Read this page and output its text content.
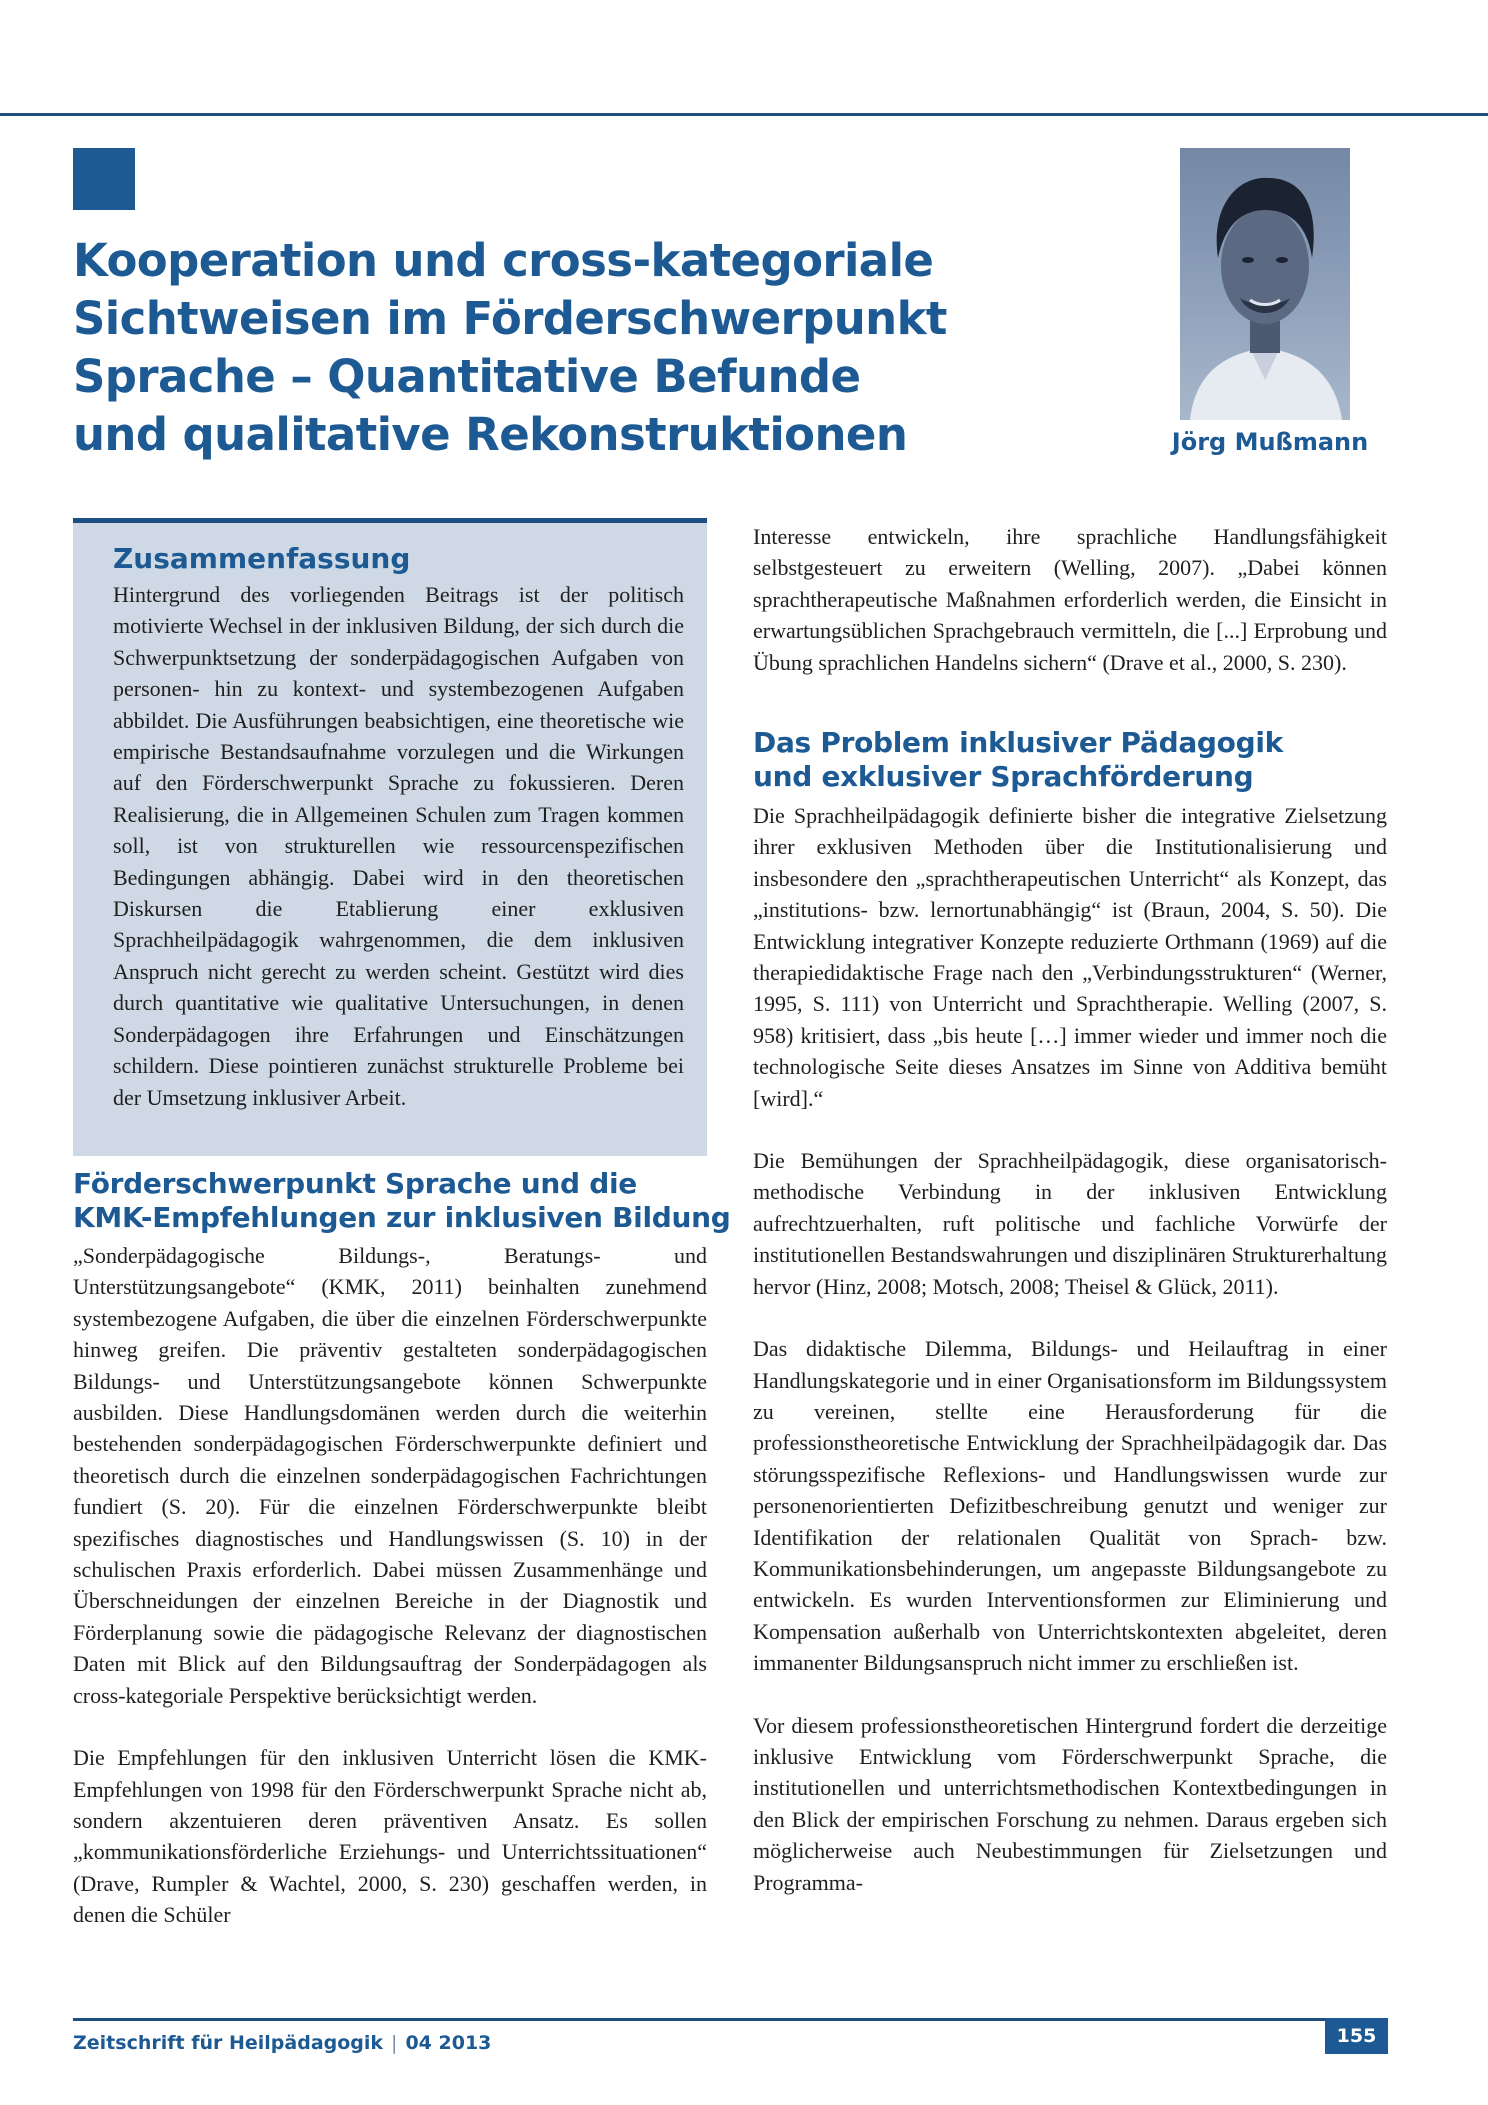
Kooperation und cross-kategoriale
Sichtweisen im Förderschwerpunkt
Sprache – Quantitative Befunde
und qualitative Rekonstruktionen	Jörg Mußmann
Zusammenfassung

Hintergrund des vorliegenden Beitrags ist der politisch motivierte Wechsel in der inklusiven Bildung, der sich durch die Schwerpunktsetzung der sonderpädagogischen Aufgaben von personen- hin zu kontext- und systembezogenen Aufgaben abbildet. Die Ausführungen beabsichtigen, eine theoretische wie empirische Bestandsaufnahme vorzulegen und die Wirkungen auf den Förderschwerpunkt Sprache zu fokussieren. Deren Realisierung, die in Allgemeinen Schulen zum Tragen kommen soll, ist von strukturellen wie ressourcenspezifischen Bedingungen abhängig. Dabei wird in den theoretischen Diskursen die Etablierung einer exklusiven Sprachheilpädagogik wahrgenommen, die dem inklusiven Anspruch nicht gerecht zu werden scheint. Gestützt wird dies durch quantitative wie qualitative Untersuchungen, in denen Sonderpädagogen ihre Erfahrungen und Einschätzungen schildern. Diese pointieren zunächst strukturelle Probleme bei der Umsetzung inklusiver Arbeit.

Förderschwerpunkt Sprache und die
KMK-Empfehlungen zur inklusiven Bildung

„Sonderpädagogische Bildungs-, Beratungs- und Unterstützungsangebote“ (KMK, 2011) beinhalten zunehmend systembezogene Aufgaben, die über die einzelnen Förderschwerpunkte hinweg greifen. Die präventiv gestalteten sonderpädagogischen Bildungs- und Unterstützungsangebote können Schwerpunkte ausbilden. Diese Handlungsdomänen werden durch die weiterhin bestehenden sonderpädagogischen Förderschwerpunkte definiert und theoretisch durch die einzelnen sonderpädagogischen Fachrichtungen fundiert (S. 20). Für die einzelnen Förderschwerpunkte bleibt spezifisches diagnostisches und Handlungswissen (S. 10) in der schulischen Praxis erforderlich. Dabei müssen Zusammenhänge und Überschneidungen der einzelnen Bereiche in der Diagnostik und Förderplanung sowie die pädagogische Relevanz der diagnostischen Daten mit Blick auf den Bildungsauftrag der Sonderpädagogen als cross-kategoriale Perspektive berücksichtigt werden.

Die Empfehlungen für den inklusiven Unterricht lösen die KMK-Empfehlungen von 1998 für den Förderschwerpunkt Sprache nicht ab, sondern akzentuieren deren präventiven Ansatz. Es sollen „kommunikationsförderliche Erziehungs- und Unterrichtssituationen“ (Drave, Rumpler & Wachtel, 2000, S. 230) geschaffen werden, in denen die Schüler

Interesse entwickeln, ihre sprachliche Handlungsfähigkeit selbstgesteuert zu erweitern (Welling, 2007). „Dabei können sprachtherapeutische Maßnahmen erforderlich werden, die Einsicht in erwartungsüblichen Sprachgebrauch vermitteln, die [...] Erprobung und Übung sprachlichen Handelns sichern“ (Drave et al., 2000, S. 230).

Das Problem inklusiver Pädagogik
und exklusiver Sprachförderung

Die Sprachheilpädagogik definierte bisher die integrative Zielsetzung ihrer exklusiven Methoden über die Institutionalisierung und insbesondere den „sprachtherapeutischen Unterricht“ als Konzept, das „institutions- bzw. lernortunabhängig“ ist (Braun, 2004, S. 50). Die Entwicklung integrativer Konzepte reduzierte Orthmann (1969) auf die therapiedidaktische Frage nach den „Verbindungsstrukturen“ (Werner, 1995, S. 111) von Unterricht und Sprachtherapie. Welling (2007, S. 958) kritisiert, dass „bis heute […] immer wieder und immer noch die technologische Seite dieses Ansatzes im Sinne von Additiva bemüht [wird].“

Die Bemühungen der Sprachheilpädagogik, diese organisatorisch-methodische Verbindung in der inklusiven Entwicklung aufrechtzuerhalten, ruft politische und fachliche Vorwürfe der institutionellen Bestandswahrungen und disziplinären Strukturerhaltung hervor (Hinz, 2008; Motsch, 2008; Theisel & Glück, 2011).

Das didaktische Dilemma, Bildungs- und Heilauftrag in einer Handlungskategorie und in einer Organisationsform im Bildungssystem zu vereinen, stellte eine Herausforderung für die professionstheoretische Entwicklung der Sprachheilpädagogik dar. Das störungsspezifische Reflexions- und Handlungswissen wurde zur personenorientierten Defizitbeschreibung genutzt und weniger zur Identifikation der relationalen Qualität von Sprach- bzw. Kommunikationsbehinderungen, um angepasste Bildungsangebote zu entwickeln. Es wurden Interventionsformen zur Eliminierung und Kompensation außerhalb von Unterrichtskontexten abgeleitet, deren immanenter Bildungsanspruch nicht immer zu erschließen ist.

Vor diesem professionstheoretischen Hintergrund fordert die derzeitige inklusive Entwicklung vom Förderschwerpunkt Sprache, die institutionellen und unterrichtsmethodischen Kontextbedingungen in den Blick der empirischen Forschung zu nehmen. Daraus ergeben sich möglicherweise auch Neubestimmungen für Zielsetzungen und Programma-

Zeitschrift für Heilpädagogik | 04 2013	155
